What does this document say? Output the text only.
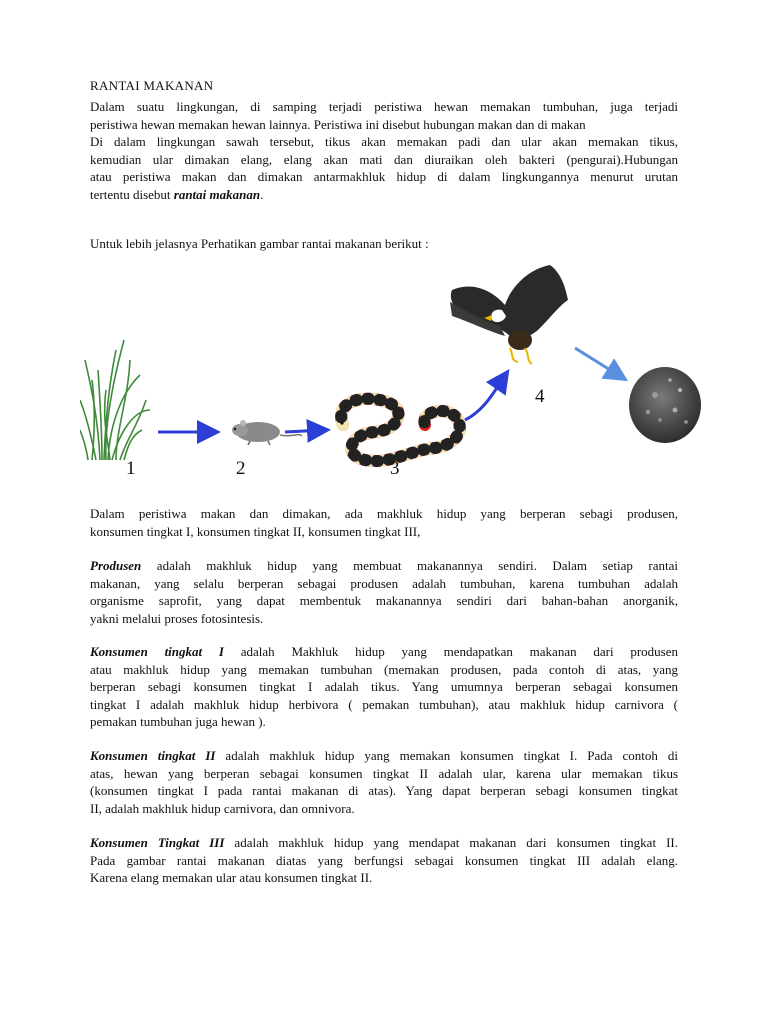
RANTAI MAKANAN
Dalam suatu lingkungan, di samping terjadi peristiwa hewan memakan tumbuhan, juga terjadi
peristiwa hewan memakan hewan lainnya. Peristiwa ini disebut hubungan makan dan di makan
Di dalam lingkungan sawah tersebut, tikus akan memakan padi dan ular akan memakan tikus,
kemudian ular dimakan elang, elang akan mati dan diuraikan oleh bakteri (pengurai).Hubungan
atau peristiwa makan dan dimakan antarmakhluk hidup di dalam lingkungannya menurut urutan
tertentu disebut rantai makanan.

Untuk lebih jelasnya Perhatikan gambar rantai makanan berikut :

Dalam peristiwa makan dan dimakan, ada makhluk hidup yang berperan sebagi produsen,
konsumen tingkat I, konsumen tingkat II, konsumen tingkat III,
Produsen adalah makhluk hidup yang membuat makanannya sendiri. Dalam setiap rantai
makanan, yang selalu berperan sebagai produsen adalah tumbuhan, karena tumbuhan adalah
organisme saprofit, yang dapat membentuk makanannya sendiri dari bahan-bahan anorganik,
yakni melalui proses fotosintesis.
Konsumen tingkat I adalah Makhluk hidup yang mendapatkan makanan dari produsen
atau makhluk hidup yang memakan tumbuhan (memakan produsen, pada contoh di atas, yang
berperan sebagi konsumen tingkat I adalah tikus. Yang umumnya berperan sebagai konsumen
tingkat I adalah makhluk hidup herbivora ( pemakan tumbuhan), atau makhluk hidup carnivora (
pemakan tumbuhan juga hewan ).
Konsumen tingkat II adalah makhluk hidup yang memakan konsumen tingkat I. Pada contoh di
atas, hewan yang berperan sebagai konsumen tingkat II adalah ular, karena ular memakan tikus
(konsumen tingkat I pada rantai makanan di atas). Yang dapat berperan sebagi konsumen tingkat
II, adalah makhluk hidup carnivora, dan omnivora.
Konsumen Tingkat III adalah makhluk hidup yang mendapat makanan dari konsumen tingkat II.
Pada gambar rantai makanan diatas yang berfungsi sebagai konsumen tingkat III adalah elang.
Karena elang memakan ular atau konsumen tingkat II.
1	2	3
4
